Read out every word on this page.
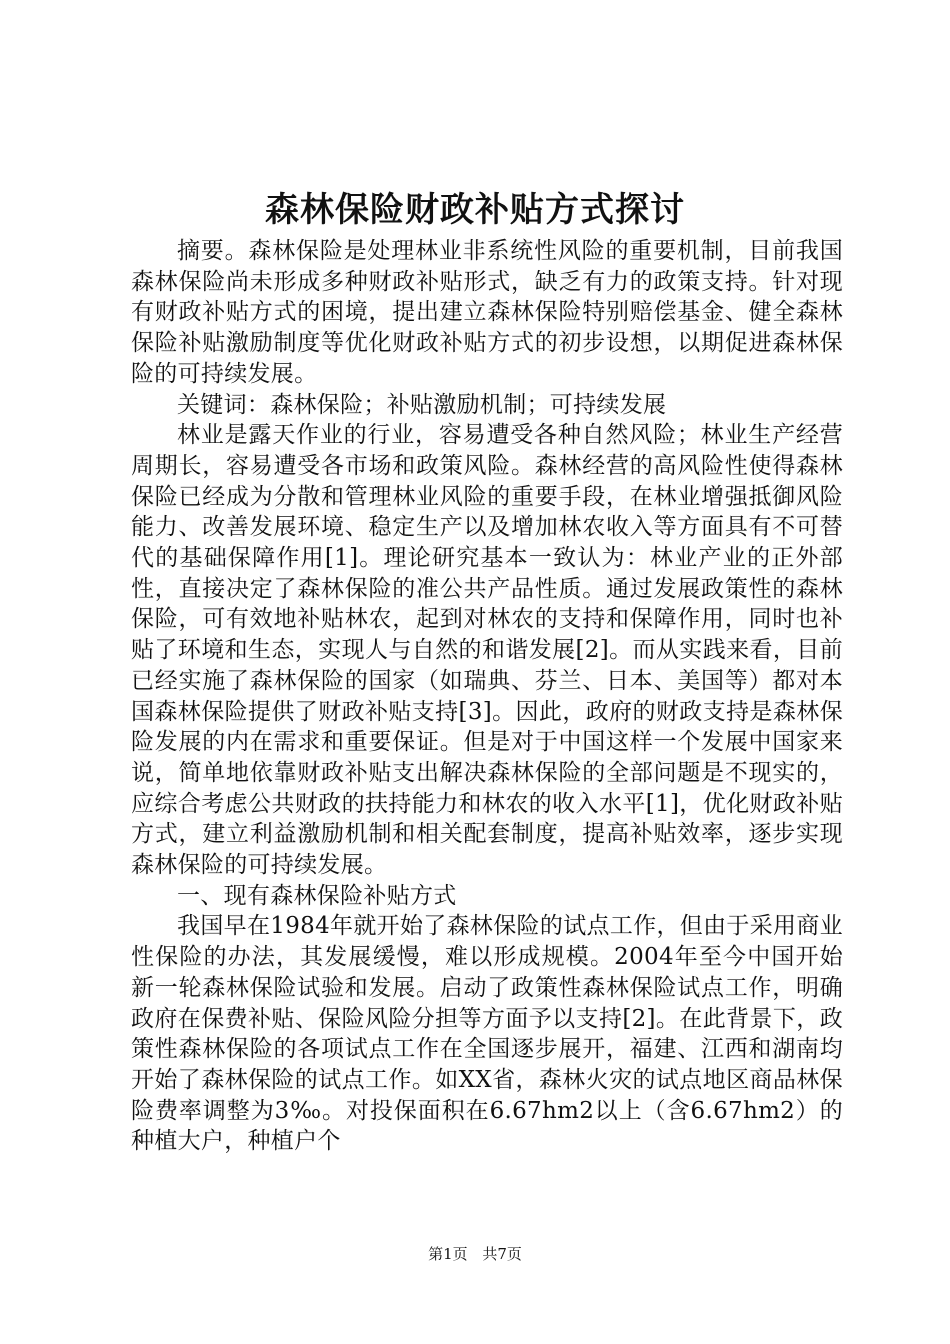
森林保险财政补贴方式探讨

摘要。森林保险是处理林业非系统性风险的重要机制，目前我国森林保险尚未形成多种财政补贴形式，缺乏有力的政策支持。针对现有财政补贴方式的困境，提出建立森林保险特别赔偿基金、健全森林保险补贴激励制度等优化财政补贴方式的初步设想，以期促进森林保险的可持续发展。

关键词：森林保险；补贴激励机制；可持续发展

林业是露天作业的行业，容易遭受各种自然风险；林业生产经营周期长，容易遭受各市场和政策风险。森林经营的高风险性使得森林保险已经成为分散和管理林业风险的重要手段，在林业增强抵御风险能力、改善发展环境、稳定生产以及增加林农收入等方面具有不可替代的基础保障作用[1]。理论研究基本一致认为：林业产业的正外部性，直接决定了森林保险的准公共产品性质。通过发展政策性的森林保险，可有效地补贴林农，起到对林农的支持和保障作用，同时也补贴了环境和生态，实现人与自然的和谐发展[2]。而从实践来看，目前已经实施了森林保险的国家（如瑞典、芬兰、日本、美国等）都对本国森林保险提供了财政补贴支持[3]。因此，政府的财政支持是森林保险发展的内在需求和重要保证。但是对于中国这样一个发展中国家来说，简单地依靠财政补贴支出解决森林保险的全部问题是不现实的，应综合考虑公共财政的扶持能力和林农的收入水平[1]，优化财政补贴方式，建立利益激励机制和相关配套制度，提高补贴效率，逐步实现森林保险的可持续发展。

一、现有森林保险补贴方式

我国早在1984年就开始了森林保险的试点工作，但由于采用商业性保险的办法，其发展缓慢，难以形成规模。2004年至今中国开始新一轮森林保险试验和发展。启动了政策性森林保险试点工作，明确政府在保费补贴、保险风险分担等方面予以支持[2]。在此背景下，政策性森林保险的各项试点工作在全国逐步展开，福建、江西和湖南均开始了森林保险的试点工作。如XX省，森林火灾的试点地区商品林保险费率调整为3‰。对投保面积在6.67hm2以上（含6.67hm2）的种植大户，种植户个

第1页 共7页
